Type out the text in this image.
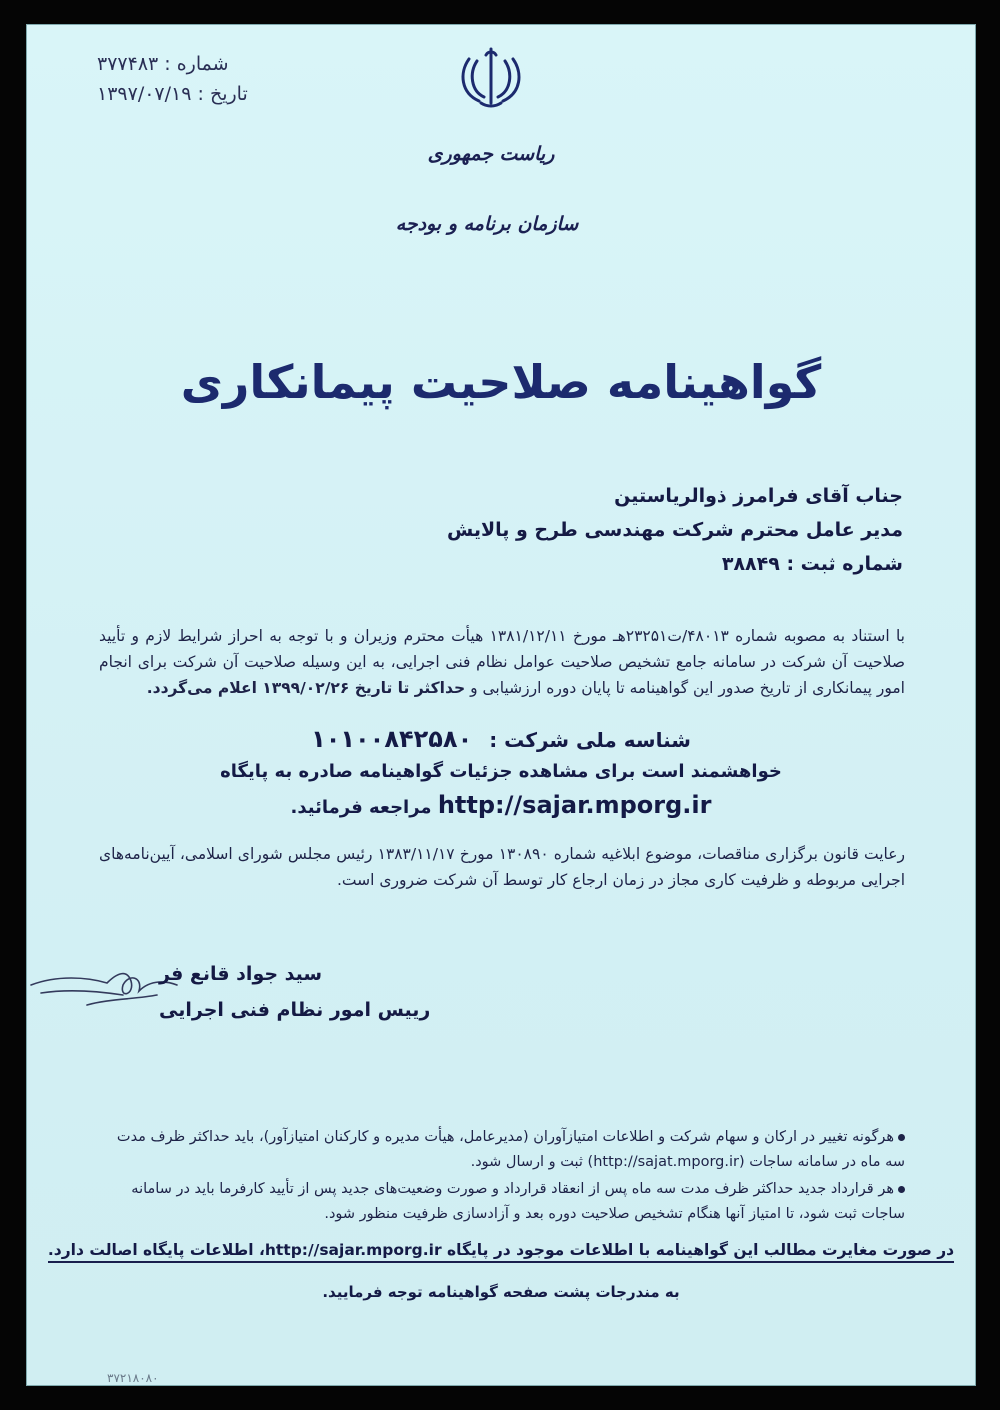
شماره : ۳۷۷۴۸۳
تاریخ : ۱۳۹۷/۰۷/۱۹
ریاست جمهوری
سازمان برنامه و بودجه
گواهینامه صلاحیت پیمانکاری
جناب آقای فرامرز ذوالریاستین
مدیر عامل محترم شرکت مهندسی طرح و پالایش
شماره ثبت : ۳۸۸۴۹
با استناد به مصوبه شماره ۴۸۰۱۳/ت۲۳۲۵۱هـ مورخ ۱۳۸۱/۱۲/۱۱ هیأت محترم وزیران و با توجه به احراز شرایط لازم و تأیید صلاحیت آن شرکت در سامانه جامع تشخیص صلاحیت عوامل نظام فنی اجرایی، به این وسیله صلاحیت آن شرکت برای انجام امور پیمانکاری از تاریخ صدور این گواهینامه تا پایان دوره ارزشیابی و حداکثر تا تاریخ ۱۳۹۹/۰۲/۲۶ اعلام می‌گردد.
شناسه ملی شرکت : ۱۰۱۰۰۸۴۲۵۸۰
خواهشمند است برای مشاهده جزئیات گواهینامه صادره به پایگاه
http://sajar.mporg.ir مراجعه فرمائید.
رعایت قانون برگزاری مناقصات، موضوع ابلاغیه شماره ۱۳۰۸۹۰ مورخ ۱۳۸۳/۱۱/۱۷ رئیس مجلس شورای اسلامی، آیین‌نامه‌های اجرایی مربوطه و ظرفیت کاری مجاز در زمان ارجاع کار توسط آن شرکت ضروری است.
سید جواد قانع فر
رییس امور نظام فنی اجرایی
هرگونه تغییر در ارکان و سهام شرکت و اطلاعات امتیازآوران (مدیرعامل، هیأت مدیره و کارکنان امتیازآور)، باید حداکثر ظرف مدت سه ماه در سامانه ساجات (http://sajat.mporg.ir) ثبت و ارسال شود.
هر قرارداد جدید حداکثر ظرف مدت سه ماه پس از انعقاد قرارداد و صورت وضعیت‌های جدید پس از تأیید کارفرما باید در سامانه ساجات ثبت شود، تا امتیاز آنها هنگام تشخیص صلاحیت دوره بعد و آزادسازی ظرفیت منظور شود.
در صورت مغایرت مطالب این گواهینامه با اطلاعات موجود در پایگاه http://sajar.mporg.ir، اطلاعات پایگاه اصالت دارد.
به مندرجات پشت صفحه گواهینامه توجه فرمایید.
۳۷۲۱۸۰۸۰
